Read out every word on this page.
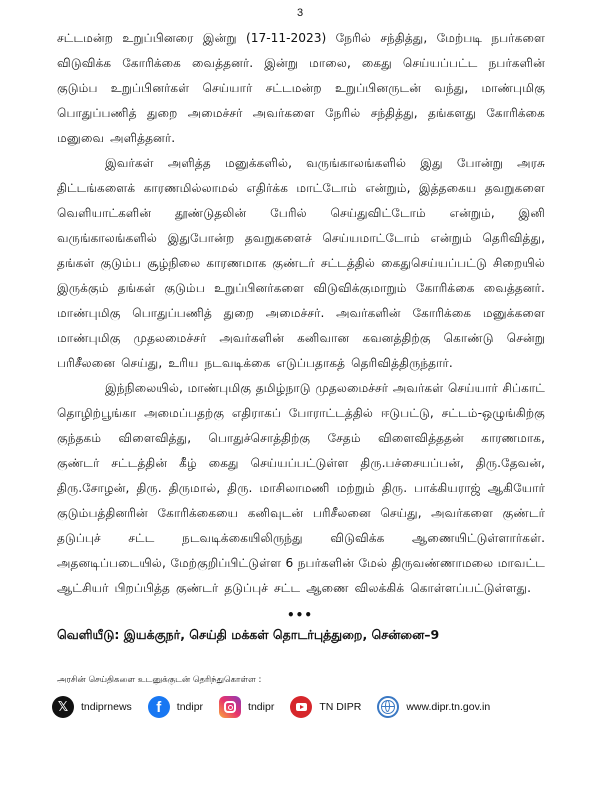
3
சட்டமன்ற உறுப்பினரை இன்று (17-11-2023) நேரில் சந்தித்து, மேற்படி நபர்களை
விடுவிக்க கோரிக்கை வைத்தனர். இன்று மாலை, கைது செய்யப்பட்ட நபர்களின்
குடும்ப உறுப்பினர்கள் செய்யார் சட்டமன்ற உறுப்பினருடன் வந்து, மாண்புமிகு
பொதுப்பணித் துறை அமைச்சர் அவர்களை நேரில் சந்தித்து, தங்களது கோரிக்கை
மனுவை அளித்தனர்.
இவர்கள் அளித்த மனுக்களில், வருங்காலங்களில் இது போன்று அரசு
திட்டங்களைக் காரணமில்லாமல் எதிர்க்க மாட்டோம் என்றும், இத்தகைய தவறுகளை
வெளியாட்களின் தூண்டுதலின் பேரில் செய்துவிட்டோம் என்றும், இனி
வருங்காலங்களில் இதுபோன்ற தவறுகளைச் செய்யமாட்டோம் என்றும் தெரிவித்து,
தங்கள் குடும்ப சூழ்நிலை காரணமாக குண்டர் சட்டத்தில் கைதுசெய்யப்பட்டு சிறையில்
இருக்கும் தங்கள் குடும்ப உறுப்பினர்களை விடுவிக்குமாறும் கோரிக்கை வைத்தனர்.
மாண்புமிகு பொதுப்பணித் துறை அமைச்சர். அவர்களின் கோரிக்கை மனுக்களை
மாண்புமிகு முதலமைச்சர் அவர்களின் கனிவான கவனத்திற்கு கொண்டு சென்று
பரிசீலனை செய்து, உரிய நடவடிக்கை எடுப்பதாகத் தெரிவித்திருந்தார்.
இந்நிலையில், மாண்புமிகு தமிழ்நாடு முதலமைச்சர் அவர்கள் செய்யார் சிப்காட்
தொழிற்பூங்கா அமைப்பதற்கு எதிராகப் போராட்டத்தில் ஈடுபட்டு, சட்டம்-ஒழுங்கிற்கு
குந்தகம் விளைவித்து, பொதுச்சொத்திற்கு சேதம் விளைவித்ததன் காரணமாக,
குண்டர் சட்டத்தின் கீழ் கைது செய்யப்பட்டுள்ள திரு.பச்சையப்பன், திரு.தேவன்,
திரு.சோழன், திரு. திருமால், திரு. மாசிலாமணி மற்றும் திரு. பாக்கியராஜ் ஆகியோர்
குடும்பத்தினரின் கோரிக்கையை கனிவுடன் பரிசீலனை செய்து, அவர்களை குண்டர்
தடுப்புச் சட்ட நடவடிக்கையிலிருந்து விடுவிக்க ஆணையிட்டுள்ளார்கள்.
அதனடிப்படையில், மேற்குறிப்பிட்டுள்ள 6 நபர்களின் மேல் திருவண்ணாமலை மாவட்ட
ஆட்சியர் பிறப்பித்த குண்டர் தடுப்புச் சட்ட ஆணை விலக்கிக் கொள்ளப்பட்டுள்ளது.
•••
வெளியீடு: இயக்குநர், செய்தி மக்கள் தொடர்புத்துறை, சென்னை–9
அரசின் செய்திகளை உடனுக்குடன் தெரிந்துகொள்ள :
𝕏	tndiprnews	f	tndipr	tndipr	TN DIPR	www.dipr.tn.gov.in
